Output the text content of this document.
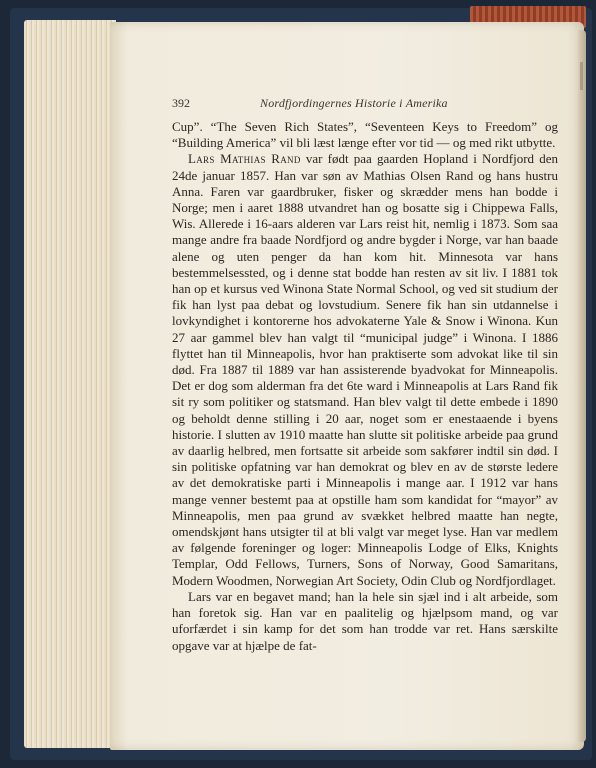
392	Nordfjordingernes Historie i Amerika

Cup”. “The Seven Rich States”, “Seventeen Keys to Freedom” og “Building America” vil bli læst længe efter vor tid — og med rikt utbytte.

Lars Mathias Rand var født paa gaarden Hopland i Nordfjord den 24de januar 1857. Han var søn av Mathias Olsen Rand og hans hustru Anna. Faren var gaardbruker, fisker og skrædder mens han bodde i Norge; men i aaret 1888 utvandret han og bosatte sig i Chippewa Falls, Wis. Allerede i 16-aars alderen var Lars reist hit, nemlig i 1873. Som saa mange andre fra baade Nordfjord og andre bygder i Norge, var han baade alene og uten penger da han kom hit. Minnesota var hans bestemmelsessted, og i denne stat bodde han resten av sit liv. I 1881 tok han op et kursus ved Winona State Normal School, og ved sit studium der fik han lyst paa debat og lovstudium. Senere fik han sin utdannelse i lovkyndighet i kontorerne hos advokaterne Yale & Snow i Winona. Kun 27 aar gammel blev han valgt til “municipal judge” i Winona. I 1886 flyttet han til Minneapolis, hvor han praktiserte som advokat like til sin død. Fra 1887 til 1889 var han assisterende byadvokat for Minneapolis. Det er dog som alderman fra det 6te ward i Minneapolis at Lars Rand fik sit ry som politiker og statsmand. Han blev valgt til dette embede i 1890 og beholdt denne stilling i 20 aar, noget som er enestaaende i byens historie. I slutten av 1910 maatte han slutte sit politiske arbeide paa grund av daarlig helbred, men fortsatte sit arbeide som sakfører indtil sin død. I sin politiske opfatning var han demokrat og blev en av de største ledere av det demokratiske parti i Minneapolis i mange aar. I 1912 var hans mange venner bestemt paa at opstille ham som kandidat for “mayor” av Minneapolis, men paa grund av svækket helbred maatte han negte, omendskjønt hans utsigter til at bli valgt var meget lyse. Han var medlem av følgende foreninger og loger: Minneapolis Lodge of Elks, Knights Templar, Odd Fellows, Turners, Sons of Norway, Good Samaritans, Modern Woodmen, Norwegian Art Society, Odin Club og Nordfjordlaget.

Lars var en begavet mand; han la hele sin sjæl ind i alt arbeide, som han foretok sig. Han var en paalitelig og hjælpsom mand, og var uforfærdet i sin kamp for det som han trodde var ret. Hans særskilte opgave var at hjælpe de fat-
